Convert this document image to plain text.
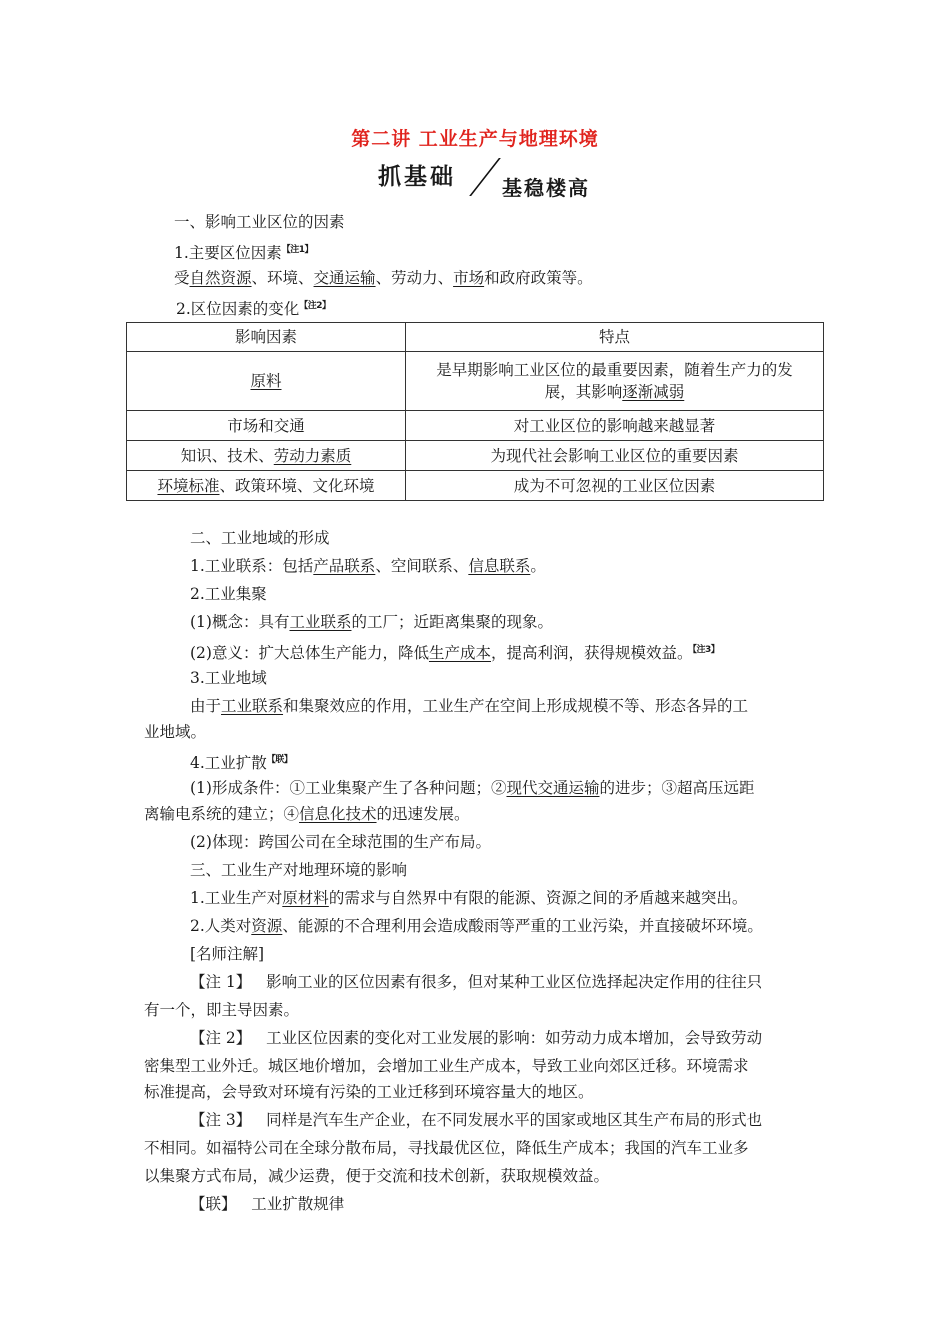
第二讲 工业生产与地理环境
抓基础 基稳楼高
一、影响工业区位的因素
1.主要区位因素$^{【注1】}$
受自然资源、环境、交通运输、劳动力、市场和政府政策等。
2.区位因素的变化$^{【注2】}$
影响因素	特点
原料	是早期影响工业区位的最重要因素，随着生产力的发
展，其影响逐渐减弱

市场和交通	对工业区位的影响越来越显著
知识、技术、劳动力素质	为现代社会影响工业区位的重要因素
环境标准、政策环境、文化环境	成为不可忽视的工业区位因素
二、工业地域的形成
1.工业联系：包括产品联系、空间联系、信息联系。
2.工业集聚
(1)概念：具有工业联系的工厂；近距离集聚的现象。
(2)意义：扩大总体生产能力，降低生产成本，提高利润，获得规模效益。$^{【注3】}$
3.工业地域
由于工业联系和集聚效应的作用，工业生产在空间上形成规模不等、形态各异的工
业地域。
4.工业扩散$^{【联】}$
(1)形成条件：①工业集聚产生了各种问题；②现代交通运输的进步；③超高压远距
离输电系统的建立；④信息化技术的迅速发展。
(2)体现：跨国公司在全球范围的生产布局。
三、工业生产对地理环境的影响
1.工业生产对原材料的需求与自然界中有限的能源、资源之间的矛盾越来越突出。
2.人类对资源、能源的不合理利用会造成酸雨等严重的工业污染，并直接破坏环境。
[名师注解]
【注 1】 影响工业的区位因素有很多，但对某种工业区位选择起决定作用的往往只
有一个，即主导因素。
【注 2】 工业区位因素的变化对工业发展的影响：如劳动力成本增加，会导致劳动
密集型工业外迁。城区地价增加，会增加工业生产成本，导致工业向郊区迁移。环境需求
标准提高，会导致对环境有污染的工业迁移到环境容量大的地区。
【注 3】 同样是汽车生产企业，在不同发展水平的国家或地区其生产布局的形式也
不相同。如福特公司在全球分散布局，寻找最优区位，降低生产成本；我国的汽车工业多
以集聚方式布局，减少运费，便于交流和技术创新，获取规模效益。
【联】 工业扩散规律
